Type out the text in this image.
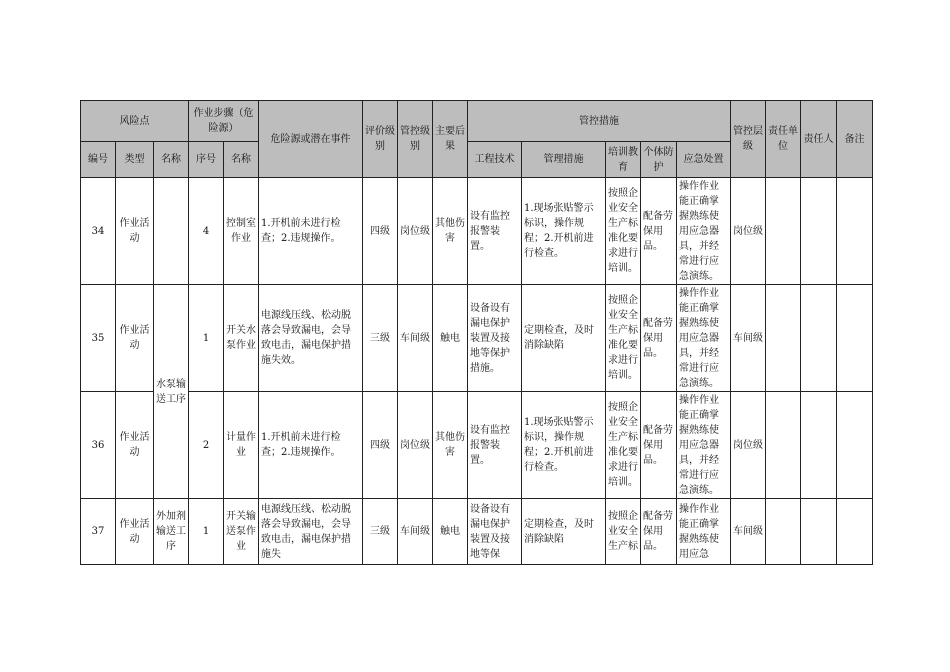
风险点			作业步骤（危险源）		危险源或潜在事件	评价级别	管控级别	主要后果	管控措施					管控层级	责任单位	责任人	备注
编号	类型	名称	序号	名称					工程技术	管理措施	培训教育	个体防护	应急处置				
34	作业活动		4	控制室作业	1.开机前未进行检查；2.违规操作。	四级	岗位级	其他伤害	设有监控报警装置。	1.现场张贴警示标识，操作规程；2.开机前进行检查。	按照企业安全生产标准化要求进行培训。	配备劳保用品。	操作作业能正确掌握熟练使用应急器具，并经常进行应急演练。	岗位级			
35	作业活动	水泵输送工序	1	开关水泵作业	电源线压线、松动脱落会导致漏电，会导致电击，漏电保护措施失效。	三级	车间级	触电	设备设有漏电保护装置及接地等保护措施。	定期检查，及时消除缺陷	按照企业安全生产标准化要求进行培训。	配备劳保用品。	操作作业能正确掌握熟练使用应急器具，并经常进行应急演练。	车间级			
36	作业活动		2	计量作业	1.开机前未进行检查；2.违规操作。	四级	岗位级	其他伤害	设有监控报警装置。	1.现场张贴警示标识，操作规程；2.开机前进行检查。	按照企业安全生产标准化要求进行培训。	配备劳保用品。	操作作业能正确掌握熟练使用应急器具，并经常进行应急演练。	岗位级			
37	作业活动	外加剂输送工序	1	开关输送泵作业	电源线压线、松动脱落会导致漏电，会导致电击，漏电保护措施失	三级	车间级	触电	设备设有漏电保护装置及接地等保	定期检查，及时消除缺陷	按照企业安全生产标	配备劳保用品。	操作作业能正确掌握熟练使用应急	车间级			
